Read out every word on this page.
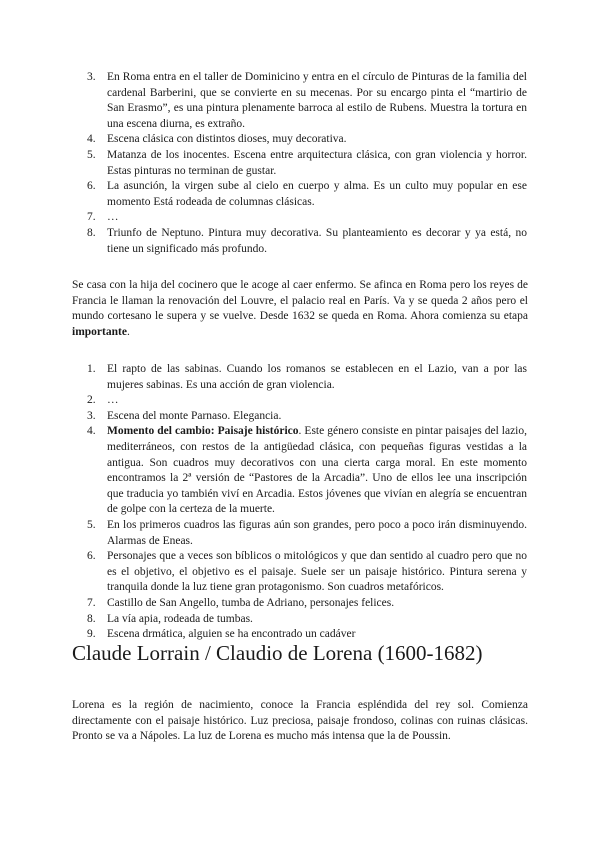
3. En Roma entra en el taller de Dominicino y entra en el círculo de Pinturas de la familia del cardenal Barberini, que se convierte en su mecenas. Por su encargo pinta el “martirio de San Erasmo”, es una pintura plenamente barroca al estilo de Rubens. Muestra la tortura en una escena diurna, es extraño.
4. Escena clásica con distintos dioses, muy decorativa.
5. Matanza de los inocentes. Escena entre arquitectura clásica, con gran violencia y horror. Estas pinturas no terminan de gustar.
6. La asunción, la virgen sube al cielo en cuerpo y alma. Es un culto muy popular en ese momento Está rodeada de columnas clásicas.
7. …
8. Triunfo de Neptuno. Pintura muy decorativa. Su planteamiento es decorar y ya está, no tiene un significado más profundo.

Se casa con la hija del cocinero que le acoge al caer enfermo. Se afinca en Roma pero los reyes de Francia le llaman la renovación del Louvre, el palacio real en París. Va y se queda 2 años pero el mundo cortesano le supera y se vuelve. Desde 1632 se queda en Roma. Ahora comienza su etapa importante.

1. El rapto de las sabinas. Cuando los romanos se establecen en el Lazio, van a por las mujeres sabinas. Es una acción de gran violencia.
2. …
3. Escena del monte Parnaso. Elegancia.
4. Momento del cambio: Paisaje histórico. Este género consiste en pintar paisajes del lazio, mediterráneos, con restos de la antigüedad clásica, con pequeñas figuras vestidas a la antigua. Son cuadros muy decorativos con una cierta carga moral. En este momento encontramos la 2ª versión de “Pastores de la Arcadia”. Uno de ellos lee una inscripción que traducia yo también viví en Arcadia. Estos jóvenes que vivían en alegría se encuentran de golpe con la certeza de la muerte.
5. En los primeros cuadros las figuras aún son grandes, pero poco a poco irán disminuyendo. Alarmas de Eneas.
6. Personajes que a veces son bíblicos o mitológicos y que dan sentido al cuadro pero que no es el objetivo, el objetivo es el paisaje. Suele ser un paisaje histórico. Pintura serena y tranquila donde la luz tiene gran protagonismo. Son cuadros metafóricos.
7. Castillo de San Angello, tumba de Adriano, personajes felices.
8. La vía apia, rodeada de tumbas.
9. Escena drmática, alguien se ha encontrado un cadáver
Claude Lorrain / Claudio de Lorena (1600-1682)

Lorena es la región de nacimiento, conoce la Francia espléndida del rey sol. Comienza directamente con el paisaje histórico. Luz preciosa, paisaje frondoso, colinas con ruinas clásicas. Pronto se va a Nápoles. La luz de Lorena es mucho más intensa que la de Poussin.
